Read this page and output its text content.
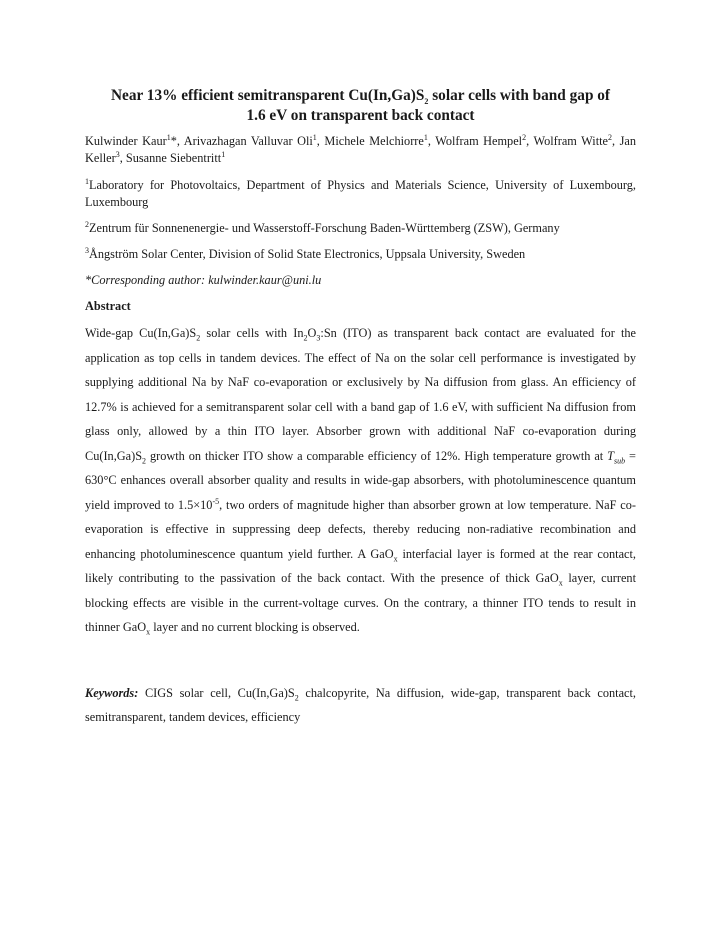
Near 13% efficient semitransparent $Cu(In,Ga)S_2$ solar cells with band gap of
1.6 eV on transparent back contact
Kulwinder Kaur$^1$*, Arivazhagan Valluvar Oli$^1$, Michele Melchiorre$^1$, Wolfram Hempel$^2$, Wolfram Witte$^2$, Jan Keller$^3$, Susanne Siebentritt$^1$
$^1$Laboratory for Photovoltaics, Department of Physics and Materials Science, University of Luxembourg, Luxembourg
$^2$Zentrum für Sonnenenergie- und Wasserstoff-Forschung Baden-Württemberg (ZSW), Germany
$^3$Ångström Solar Center, Division of Solid State Electronics, Uppsala University, Sweden
*Corresponding author: kulwinder.kaur@uni.lu
Abstract
Wide-gap $Cu(In,Ga)S_2$ solar cells with $In_2O_3:Sn$ (ITO) as transparent back contact are evaluated for the application as top cells in tandem devices. The effect of Na on the solar cell performance is investigated by supplying additional Na by NaF co-evaporation or exclusively by Na diffusion from glass. An efficiency of 12.7% is achieved for a semitransparent solar cell with a band gap of 1.6 eV, with sufficient Na diffusion from glass only, allowed by a thin ITO layer. Absorber grown with additional NaF co-evaporation during $Cu(In,Ga)S_2$ growth on thicker ITO show a comparable efficiency of 12%. High temperature growth at $T_{sub} = 630^\circ C$ enhances overall absorber quality and results in wide-gap absorbers, with photoluminescence quantum yield improved to $1.5\times 10^{-5}$, two orders of magnitude higher than absorber grown at low temperature. NaF co-evaporation is effective in suppressing deep defects, thereby reducing non-radiative recombination and enhancing photoluminescence quantum yield further. A GaO$_x$ interfacial layer is formed at the rear contact, likely contributing to the passivation of the back contact. With the presence of thick GaO$_x$ layer, current blocking effects are visible in the current-voltage curves. On the contrary, a thinner ITO tends to result in thinner GaO$_x$ layer and no current blocking is observed.
Keywords: CIGS solar cell, $Cu(In,Ga)S_2$ chalcopyrite, Na diffusion, wide-gap, transparent back contact, semitransparent, tandem devices, efficiency
